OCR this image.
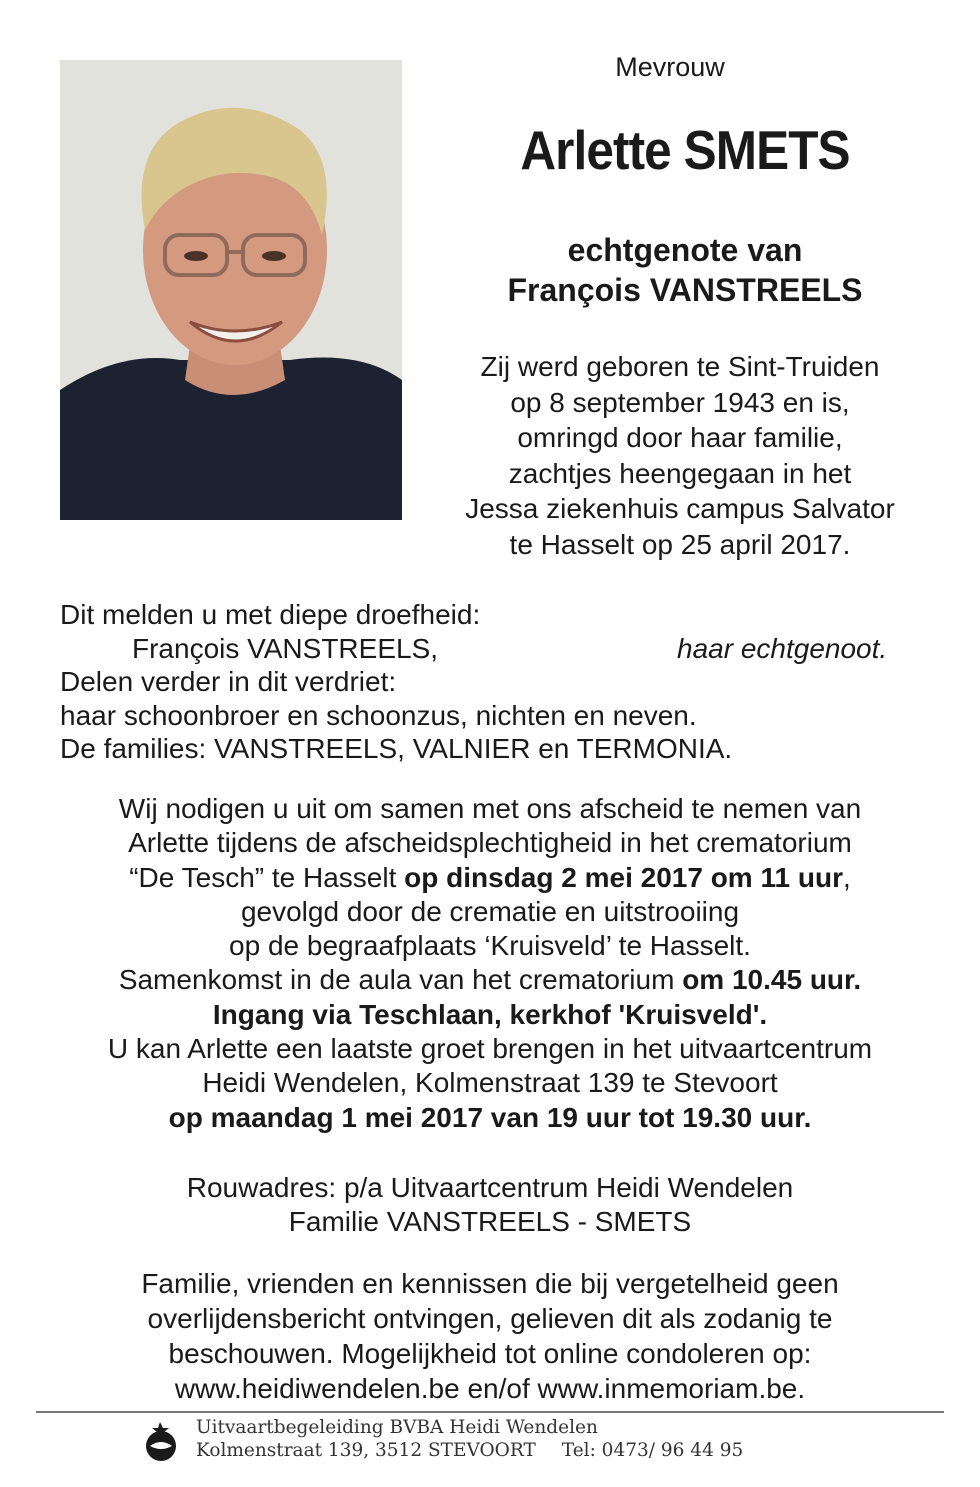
Mevrouw
Arlette SMETS
echtgenote van
François VANSTREELS
Zij werd geboren te Sint-Truiden
op 8 september 1943 en is,
omringd door haar familie,
zachtjes heengegaan in het
Jessa ziekenhuis campus Salvator
te Hasselt op 25 april 2017.
Dit melden u met diepe droefheid:
François VANSTREELS,	haar echtgenoot.
Delen verder in dit verdriet:
haar schoonbroer en schoonzus, nichten en neven.
De families: VANSTREELS, VALNIER en TERMONIA.
Wij nodigen u uit om samen met ons afscheid te nemen van
Arlette tijdens de afscheidsplechtigheid in het crematorium
“De Tesch” te Hasselt op dinsdag 2 mei 2017 om 11 uur,
gevolgd door de crematie en uitstrooiing
op de begraafplaats ‘Kruisveld’ te Hasselt.
Samenkomst in de aula van het crematorium om 10.45 uur.
Ingang via Teschlaan, kerkhof 'Kruisveld'.
U kan Arlette een laatste groet brengen in het uitvaartcentrum
Heidi Wendelen, Kolmenstraat 139 te Stevoort
op maandag 1 mei 2017 van 19 uur tot 19.30 uur.
Rouwadres: p/a Uitvaartcentrum Heidi Wendelen
Familie VANSTREELS - SMETS
Familie, vrienden en kennissen die bij vergetelheid geen
overlijdensbericht ontvingen, gelieven dit als zodanig te
beschouwen. Mogelijkheid tot online condoleren op:
www.heidiwendelen.be en/of www.inmemoriam.be.
Uitvaartbegeleiding BVBA Heidi Wendelen
Kolmenstraat 139, 3512 STEVOORT Tel: 0473/ 96 44 95
